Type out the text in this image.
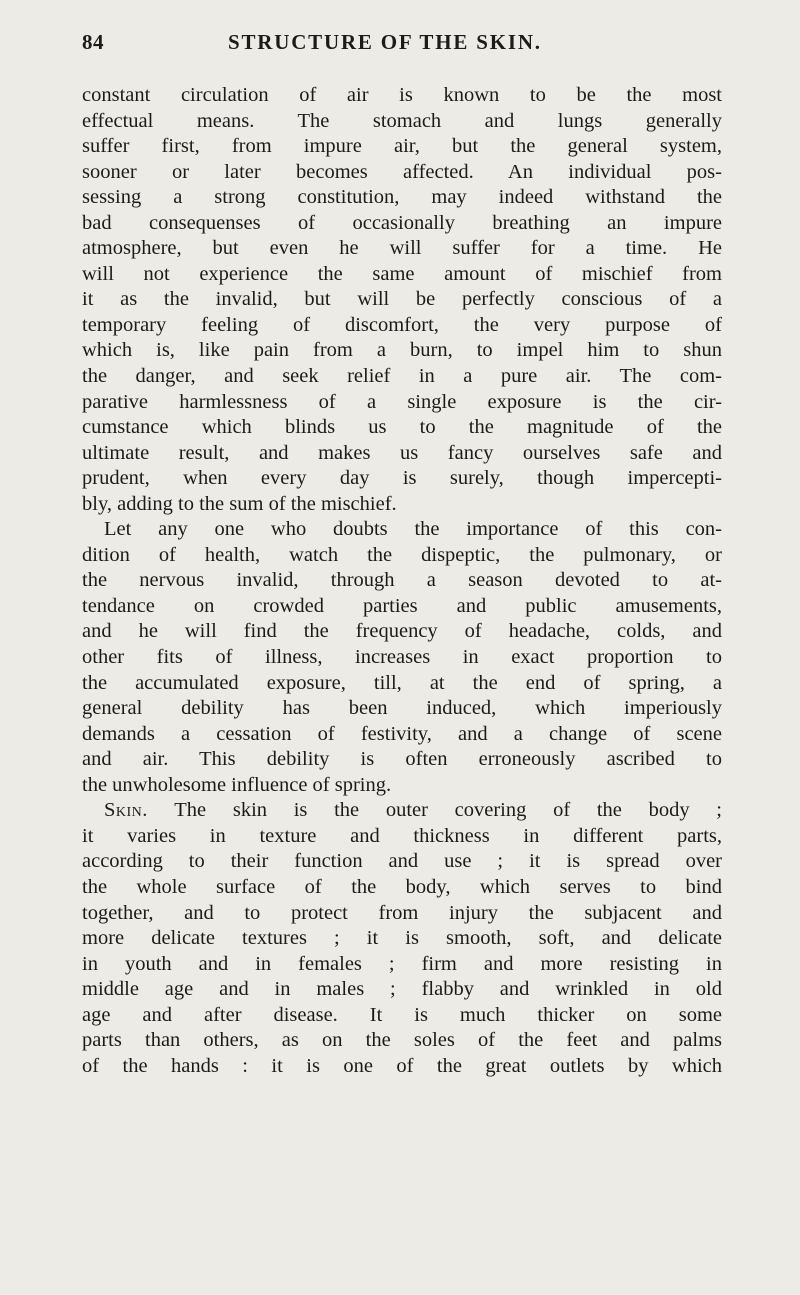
84	STRUCTURE OF THE SKIN.
constant circulation of air is known to be the most
effectual means. The stomach and lungs generally
suffer first, from impure air, but the general system,
sooner or later becomes affected. An individual pos-
sessing a strong constitution, may indeed withstand the
bad consequenses of occasionally breathing an impure
atmosphere, but even he will suffer for a time. He
will not experience the same amount of mischief from
it as the invalid, but will be perfectly conscious of a
temporary feeling of discomfort, the very purpose of
which is, like pain from a burn, to impel him to shun
the danger, and seek relief in a pure air. The com-
parative harmlessness of a single exposure is the cir-
cumstance which blinds us to the magnitude of the
ultimate result, and makes us fancy ourselves safe and
prudent, when every day is surely, though impercepti-
bly, adding to the sum of the mischief.
Let any one who doubts the importance of this con-
dition of health, watch the dispeptic, the pulmonary, or
the nervous invalid, through a season devoted to at-
tendance on crowded parties and public amusements,
and he will find the frequency of headache, colds, and
other fits of illness, increases in exact proportion to
the accumulated exposure, till, at the end of spring, a
general debility has been induced, which imperiously
demands a cessation of festivity, and a change of scene
and air. This debility is often erroneously ascribed to
the unwholesome influence of spring.
Skin. The skin is the outer covering of the body ;
it varies in texture and thickness in different parts,
according to their function and use ; it is spread over
the whole surface of the body, which serves to bind
together, and to protect from injury the subjacent and
more delicate textures ; it is smooth, soft, and delicate
in youth and in females ; firm and more resisting in
middle age and in males ; flabby and wrinkled in old
age and after disease. It is much thicker on some
parts than others, as on the soles of the feet and palms
of the hands : it is one of the great outlets by which
